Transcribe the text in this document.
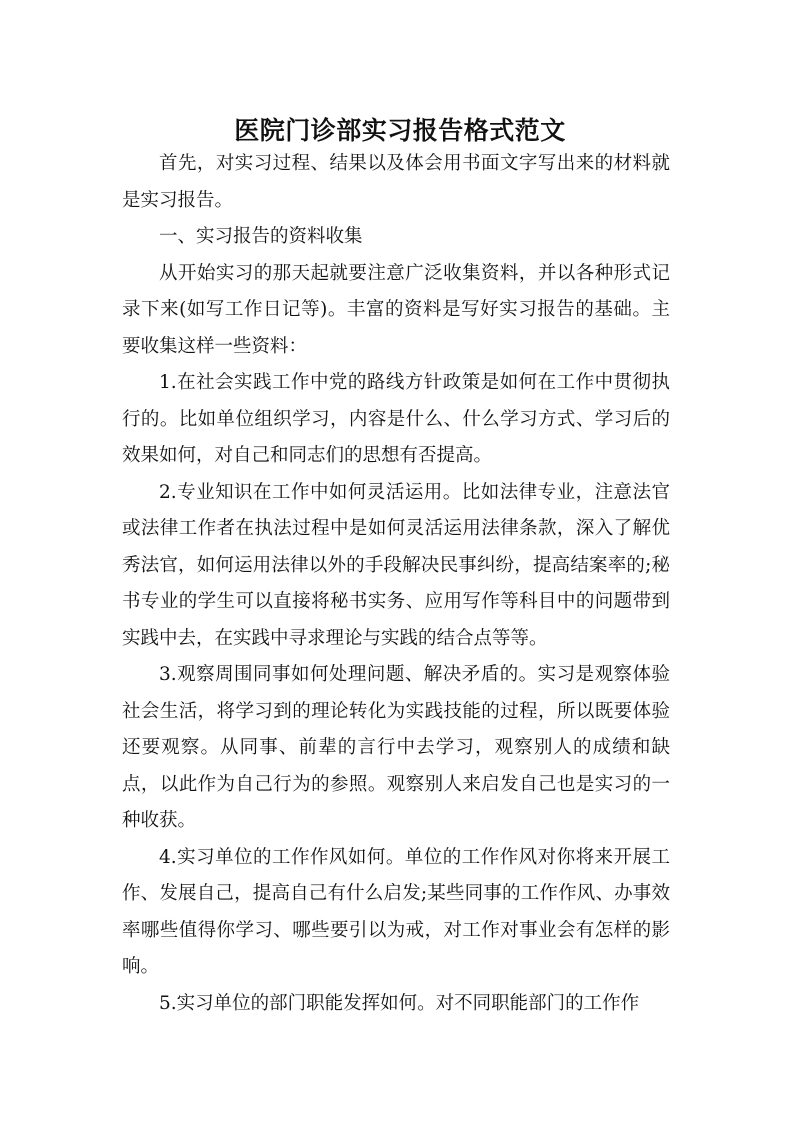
医院门诊部实习报告格式范文

首先，对实习过程、结果以及体会用书面文字写出来的材料就是实习报告。

一、实习报告的资料收集

从开始实习的那天起就要注意广泛收集资料，并以各种形式记录下来(如写工作日记等)。丰富的资料是写好实习报告的基础。主要收集这样一些资料：

1.在社会实践工作中党的路线方针政策是如何在工作中贯彻执行的。比如单位组织学习，内容是什么、什么学习方式、学习后的效果如何，对自己和同志们的思想有否提高。

2.专业知识在工作中如何灵活运用。比如法律专业，注意法官或法律工作者在执法过程中是如何灵活运用法律条款，深入了解优秀法官，如何运用法律以外的手段解决民事纠纷，提高结案率的;秘书专业的学生可以直接将秘书实务、应用写作等科目中的问题带到实践中去，在实践中寻求理论与实践的结合点等等。

3.观察周围同事如何处理问题、解决矛盾的。实习是观察体验社会生活，将学习到的理论转化为实践技能的过程，所以既要体验还要观察。从同事、前辈的言行中去学习，观察别人的成绩和缺点，以此作为自己行为的参照。观察别人来启发自己也是实习的一种收获。

4.实习单位的工作作风如何。单位的工作作风对你将来开展工作、发展自己，提高自己有什么启发;某些同事的工作作风、办事效率哪些值得你学习、哪些要引以为戒，对工作对事业会有怎样的影响。

5.实习单位的部门职能发挥如何。对不同职能部门的工作作
